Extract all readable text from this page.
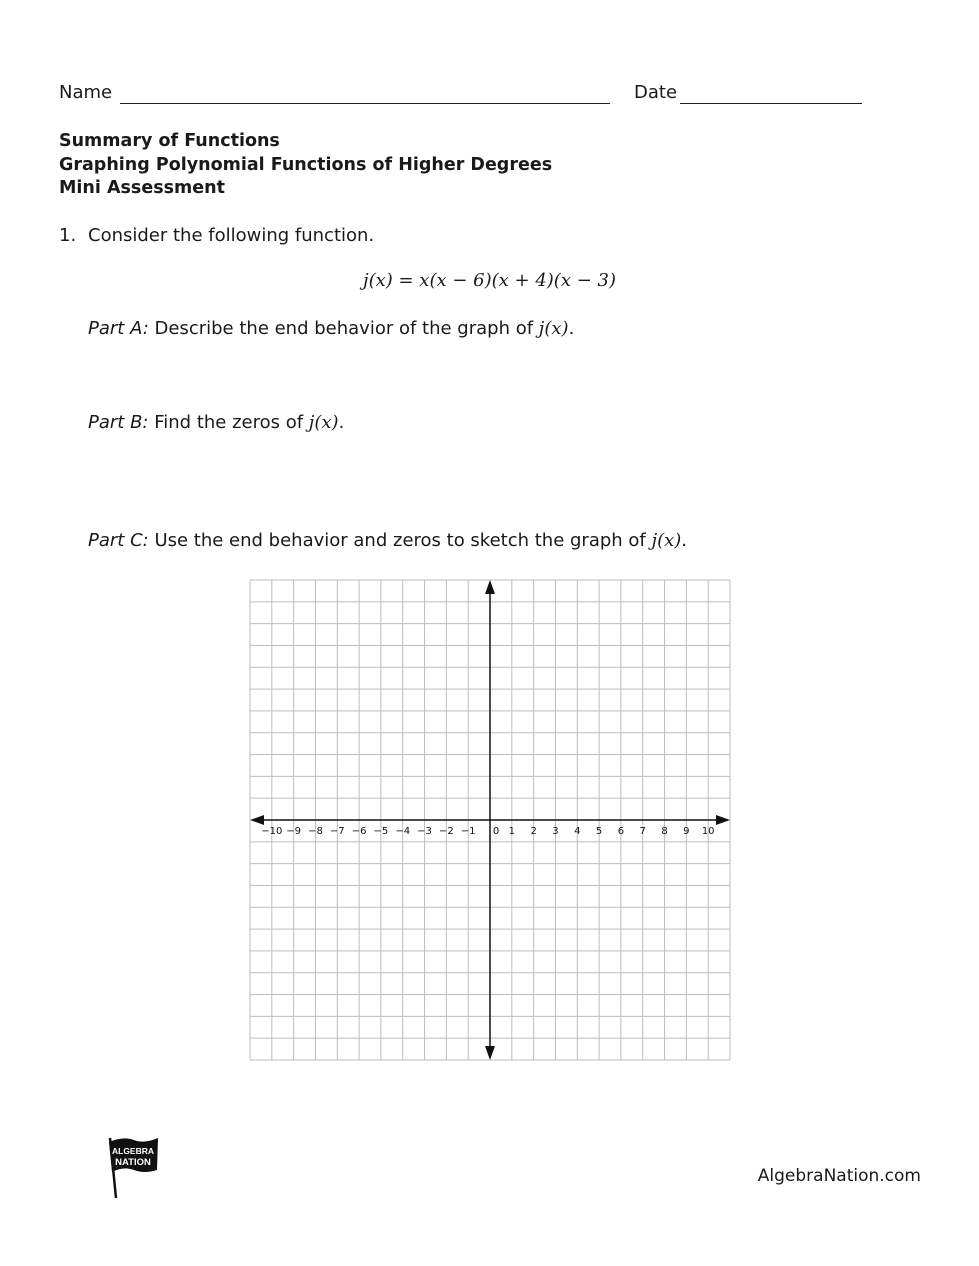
Name	Date
Summary of Functions
Graphing Polynomial Functions of Higher Degrees
Mini Assessment
1. Consider the following function.
j(x) = x(x − 6)(x + 4)(x − 3)
Part A: Describe the end behavior of the graph of j(x).
Part B: Find the zeros of j(x).
Part C: Use the end behavior and zeros to sketch the graph of j(x).
−10 −9 −8 −7 −6 −5 −4 −3 −2 −1 0 1 2 3 4 5 6 7 8 9 10
ALGEBRA
NATION
AlgebraNation.com
